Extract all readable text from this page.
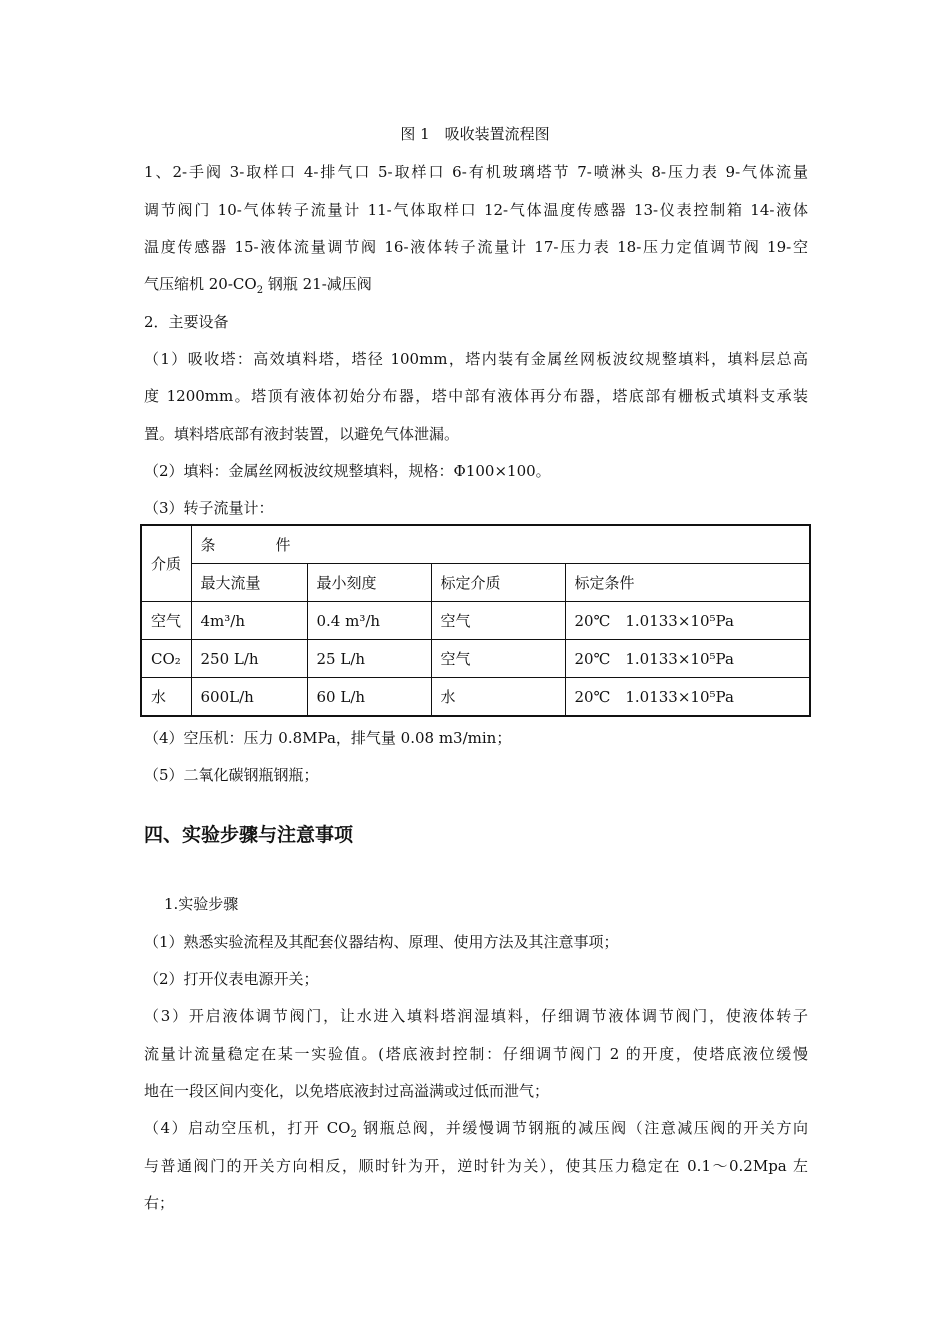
图 1　吸收装置流程图
1、2-手阀 3-取样口 4-排气口 5-取样口 6-有机玻璃塔节 7-喷淋头 8-压力表 9-气体流量
调节阀门 10-气体转子流量计 11-气体取样口 12-气体温度传感器 13-仪表控制箱 14-液体
温度传感器 15-液体流量调节阀 16-液体转子流量计 17-压力表 18-压力定值调节阀 19-空
气压缩机 $20-CO_2$ 钢瓶 21-减压阀
2．主要设备
（1）吸收塔：高效填料塔，塔径 100mm，塔内装有金属丝网板波纹规整填料，填料层总高
度 1200mm。塔顶有液体初始分布器，塔中部有液体再分布器，塔底部有栅板式填料支承装
置。填料塔底部有液封装置，以避免气体泄漏。
（2）填料：金属丝网板波纹规整填料，规格：Φ100×100。
（3）转子流量计：
介质	条　　　　件			
	最大流量	最小刻度	标定介质	标定条件
空气	4m³/h	0.4 m³/h	空气	20℃　1.0133×10⁵Pa
CO₂	250 L/h	25 L/h	空气	20℃　1.0133×10⁵Pa
水	600L/h	60 L/h	水	20℃　1.0133×10⁵Pa
（4）空压机：压力 0.8MPa，排气量 0.08 m3/min；
（5）二氧化碳钢瓶钢瓶；
四、实验步骤与注意事项
1.实验步骤
（1）熟悉实验流程及其配套仪器结构、原理、使用方法及其注意事项；
（2）打开仪表电源开关；
（3）开启液体调节阀门，让水进入填料塔润湿填料，仔细调节液体调节阀门，使液体转子
流量计流量稳定在某一实验值。(塔底液封控制：仔细调节阀门 2 的开度，使塔底液位缓慢
地在一段区间内变化，以免塔底液封过高溢满或过低而泄气；
（4）启动空压机，打开 $CO_2$ 钢瓶总阀，并缓慢调节钢瓶的减压阀（注意减压阀的开关方向
与普通阀门的开关方向相反，顺时针为开，逆时针为关），使其压力稳定在 0.1～0.2Mpa 左
右；
